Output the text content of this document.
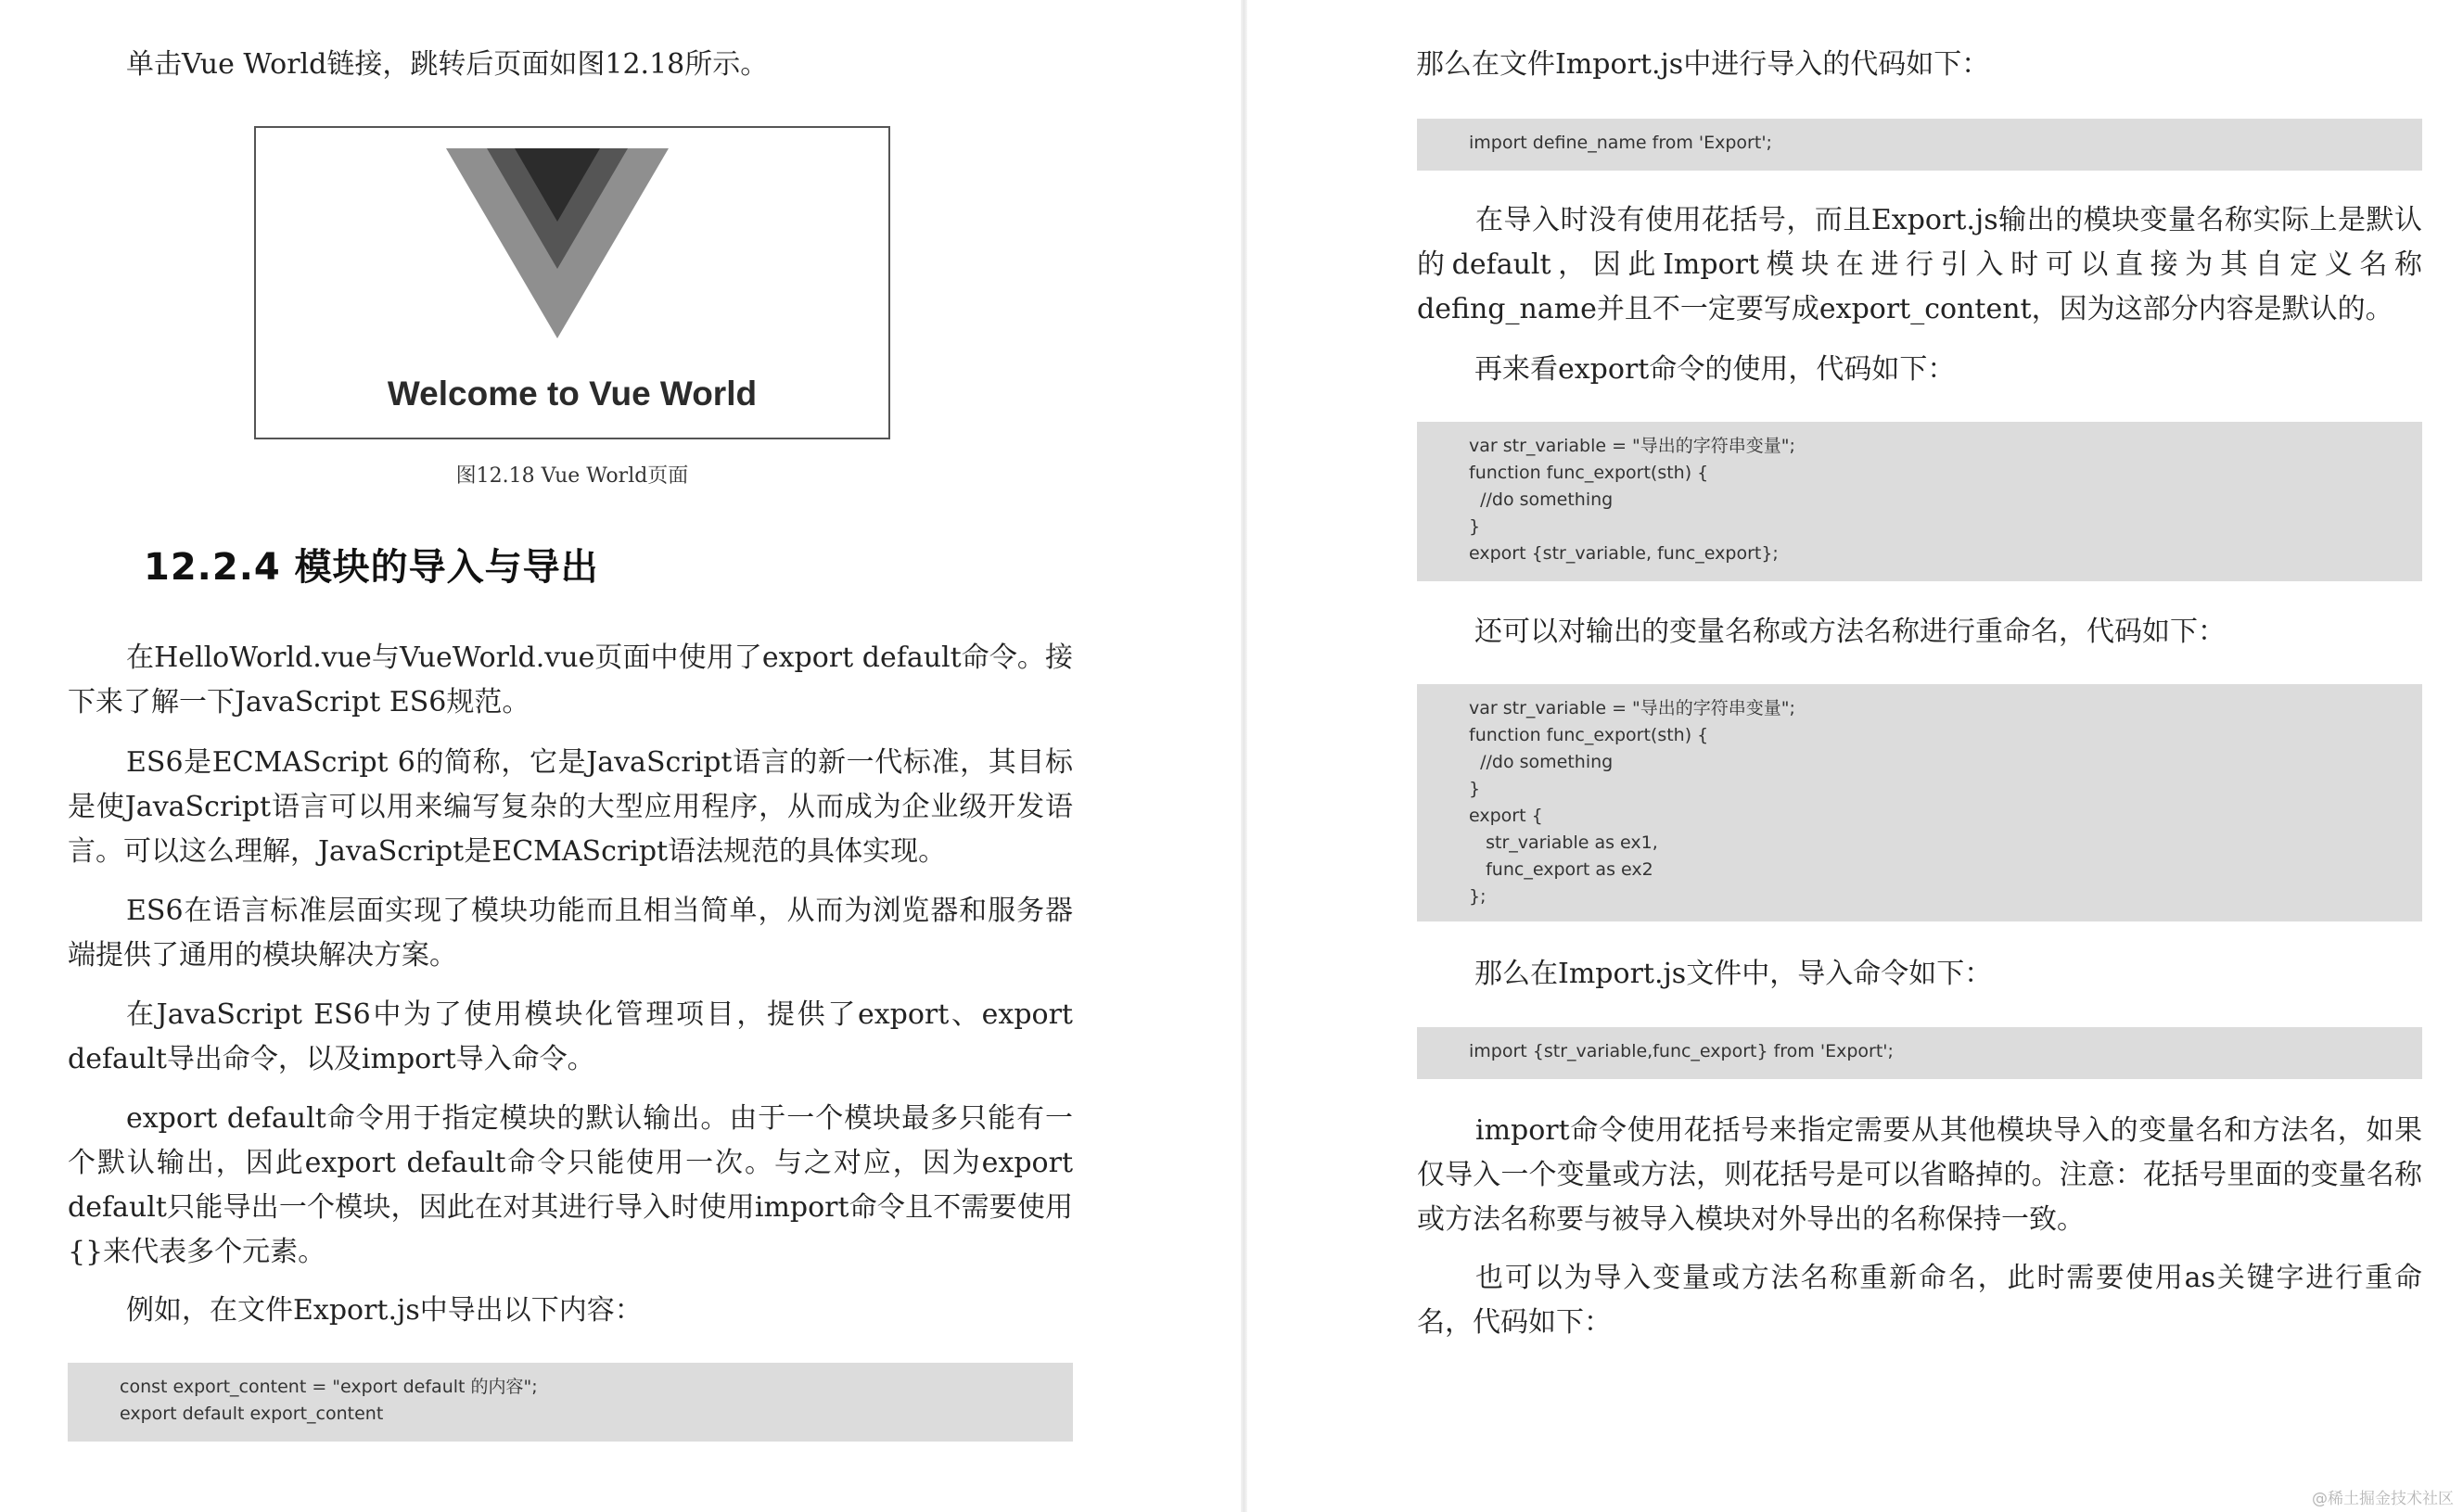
单击Vue World链接，跳转后页面如图12.18所示。

Welcome to Vue World
图12.18 Vue World页面
12.2.4 模块的导入与导出

在HelloWorld.vue与VueWorld.vue页面中使用了export default命令。接下来了解一下JavaScript ES6规范。

ES6是ECMAScript 6的简称，它是JavaScript语言的新一代标准，其目标是使JavaScript语言可以用来编写复杂的大型应用程序，从而成为企业级开发语言。可以这么理解，JavaScript是ECMAScript语法规范的具体实现。

ES6在语言标准层面实现了模块功能而且相当简单，从而为浏览器和服务器端提供了通用的模块解决方案。

在JavaScript ES6中为了使用模块化管理项目，提供了export、export default导出命令，以及import导入命令。

export default命令用于指定模块的默认输出。由于一个模块最多只能有一个默认输出，因此export default命令只能使用一次。与之对应，因为export default只能导出一个模块，因此在对其进行导入时使用import命令且不需要使用{}来代表多个元素。

例如，在文件Export.js中导出以下内容：

const export_content = "export default 的内容";
export default export_content

那么在文件Import.js中进行导入的代码如下：

import define_name from 'Export';

在导入时没有使用花括号，而且Export.js输出的模块变量名称实际上是默认的default，因此Import模块在进行引入时可以直接为其自定义名称defing_name并且不一定要写成export_content，因为这部分内容是默认的。

再来看export命令的使用，代码如下：

var str_variable = "导出的字符串变量";
function func_export(sth) {
//do something
}
export {str_variable, func_export};

还可以对输出的变量名称或方法名称进行重命名，代码如下：

var str_variable = "导出的字符串变量";
function func_export(sth) {
//do something
}
export {
str_variable as ex1,
func_export as ex2
};

那么在Import.js文件中，导入命令如下：

import {str_variable,func_export} from 'Export';

import命令使用花括号来指定需要从其他模块导入的变量名和方法名，如果仅导入一个变量或方法，则花括号是可以省略掉的。注意：花括号里面的变量名称或方法名称要与被导入模块对外导出的名称保持一致。

也可以为导入变量或方法名称重新命名，此时需要使用as关键字进行重命名，代码如下：

@稀土掘金技术社区
